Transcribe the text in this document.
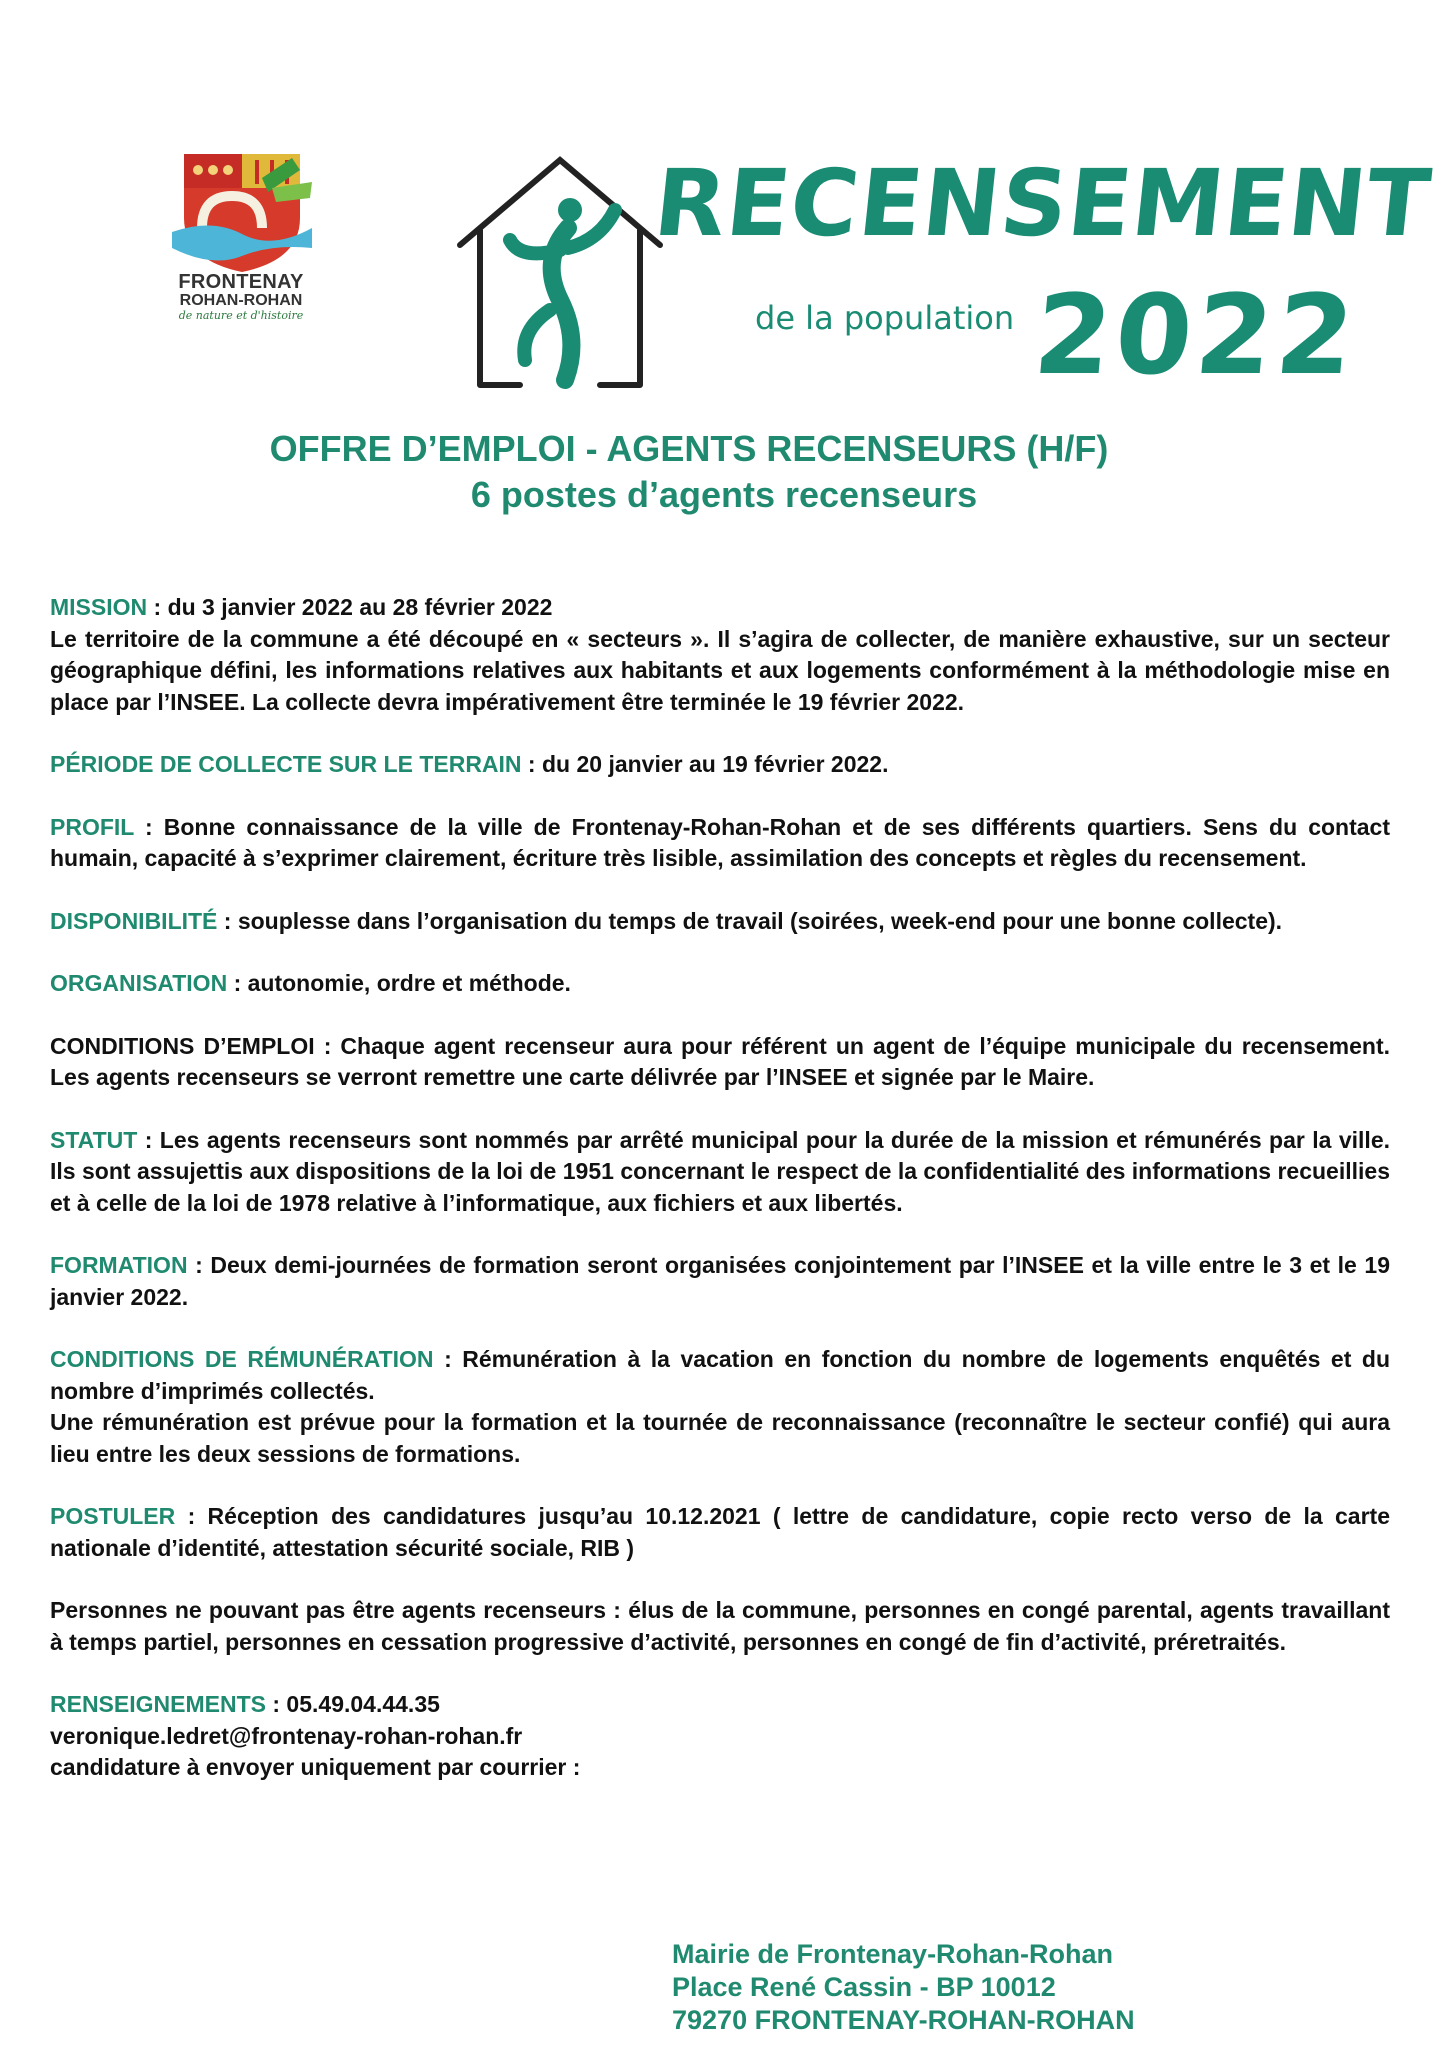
FRONTENAY
ROHAN-ROHAN
de nature et d'histoire
RECENSEMENT
de la population 2022
OFFRE D’EMPLOI - AGENTS RECENSEURS (H/F)
6 postes d’agents recenseurs

MISSION : du 3 janvier 2022 au 28 février 2022
Le territoire de la commune a été découpé en « secteurs ». Il s’agira de collecter, de manière exhaustive, sur un secteur géographique défini, les informations relatives aux habitants et aux logements conformément à la méthodologie mise en place par l’INSEE. La collecte devra impérativement être terminée le 19 février 2022.

PÉRIODE DE COLLECTE SUR LE TERRAIN : du 20 janvier au 19 février 2022.

PROFIL : Bonne connaissance de la ville de Frontenay-Rohan-Rohan et de ses différents quartiers. Sens du contact humain, capacité à s’exprimer clairement, écriture très lisible, assimilation des concepts et règles du recensement.

DISPONIBILITÉ : souplesse dans l’organisation du temps de travail (soirées, week-end pour une bonne collecte).

ORGANISATION : autonomie, ordre et méthode.

CONDITIONS D’EMPLOI : Chaque agent recenseur aura pour référent un agent de l’équipe municipale du recensement. Les agents recenseurs se verront remettre une carte délivrée par l’INSEE et signée par le Maire.

STATUT : Les agents recenseurs sont nommés par arrêté municipal pour la durée de la mission et rémunérés par la ville. Ils sont assujettis aux dispositions de la loi de 1951 concernant le respect de la confidentialité des informations recueillies et à celle de la loi de 1978 relative à l’informatique, aux fichiers et aux libertés.

FORMATION : Deux demi-journées de formation seront organisées conjointement par l’INSEE et la ville entre le 3 et le 19 janvier 2022.

CONDITIONS DE RÉMUNÉRATION : Rémunération à la vacation en fonction du nombre de logements enquêtés et du nombre d’imprimés collectés.
Une rémunération est prévue pour la formation et la tournée de reconnaissance (reconnaître le secteur confié) qui aura lieu entre les deux sessions de formations.

POSTULER : Réception des candidatures jusqu’au 10.12.2021 ( lettre de candidature, copie recto verso de la carte nationale d’identité, attestation sécurité sociale, RIB )

Personnes ne pouvant pas être agents recenseurs : élus de la commune, personnes en congé parental, agents travaillant à temps partiel, personnes en cessation progressive d’activité, personnes en congé de fin d’activité, préretraités.

RENSEIGNEMENTS : 05.49.04.44.35
veronique.ledret@frontenay-rohan-rohan.fr
candidature à envoyer uniquement par courrier :

Mairie de Frontenay-Rohan-Rohan
Place René Cassin - BP 10012
79270 FRONTENAY-ROHAN-ROHAN
